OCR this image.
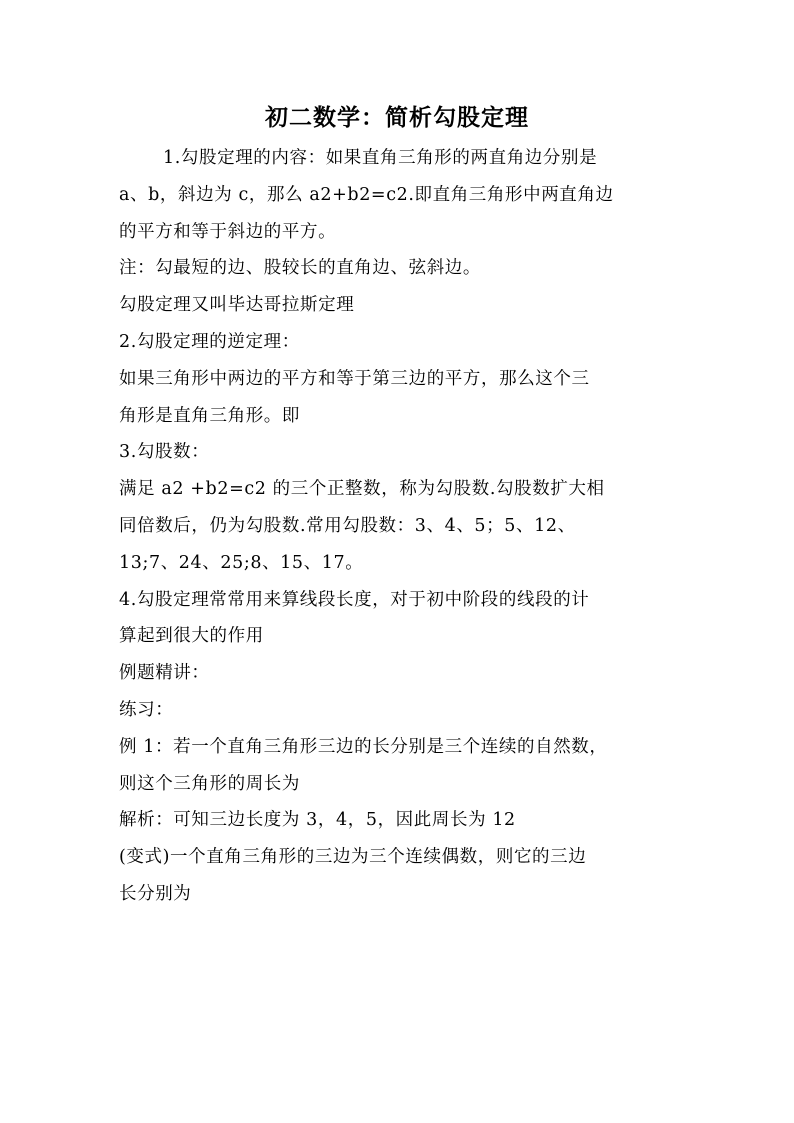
初二数学：简析勾股定理
1.勾股定理的内容：如果直角三角形的两直角边分别是
a、b，斜边为 c，那么 a2+b2=c2.即直角三角形中两直角边
的平方和等于斜边的平方。
注：勾最短的边、股较长的直角边、弦斜边。
勾股定理又叫毕达哥拉斯定理
2.勾股定理的逆定理：
如果三角形中两边的平方和等于第三边的平方，那么这个三
角形是直角三角形。即
3.勾股数：
满足 a2 +b2=c2 的三个正整数，称为勾股数.勾股数扩大相
同倍数后，仍为勾股数.常用勾股数：3、4、5；5、12、
13;7、24、25;8、15、17。
4.勾股定理常常用来算线段长度，对于初中阶段的线段的计
算起到很大的作用
例题精讲：
练习：
例 1：若一个直角三角形三边的长分别是三个连续的自然数，
则这个三角形的周长为
解析：可知三边长度为 3，4，5，因此周长为 12
(变式)一个直角三角形的三边为三个连续偶数，则它的三边
长分别为
